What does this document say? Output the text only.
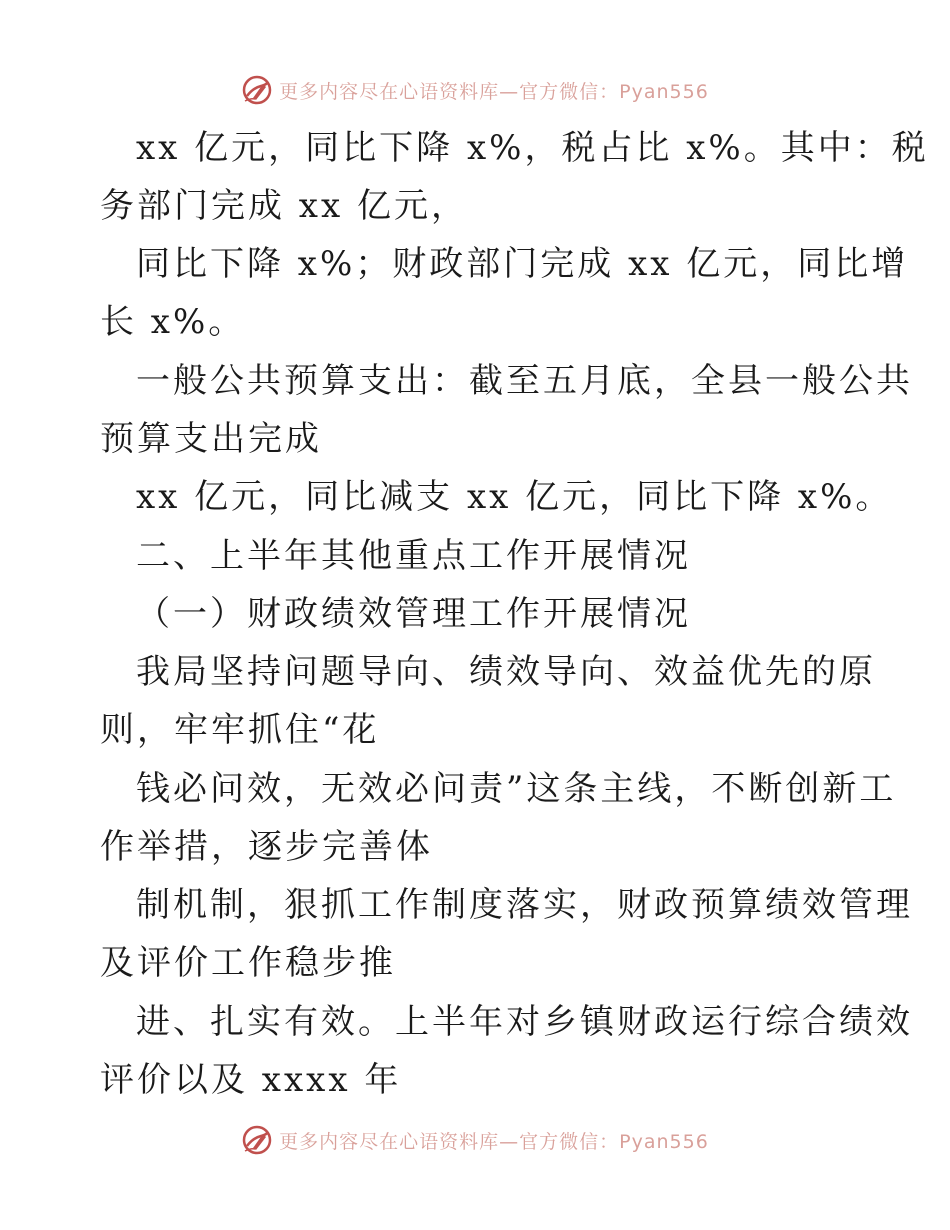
更多内容尽在心语资料库—官方微信：Pyan556
xx 亿元，同比下降 x%，税占比 x%。其中：税
务部门完成 xx 亿元，
同比下降 x%；财政部门完成 xx 亿元，同比增
长 x%。
一般公共预算支出：截至五月底，全县一般公共
预算支出完成
xx 亿元，同比减支 xx 亿元，同比下降 x%。
二、上半年其他重点工作开展情况
（一）财政绩效管理工作开展情况
我局坚持问题导向、绩效导向、效益优先的原
则，牢牢抓住“花
钱必问效，无效必问责”这条主线，不断创新工
作举措，逐步完善体
制机制，狠抓工作制度落实，财政预算绩效管理
及评价工作稳步推
进、扎实有效。上半年对乡镇财政运行综合绩效
评价以及 xxxx 年
更多内容尽在心语资料库—官方微信：Pyan556
